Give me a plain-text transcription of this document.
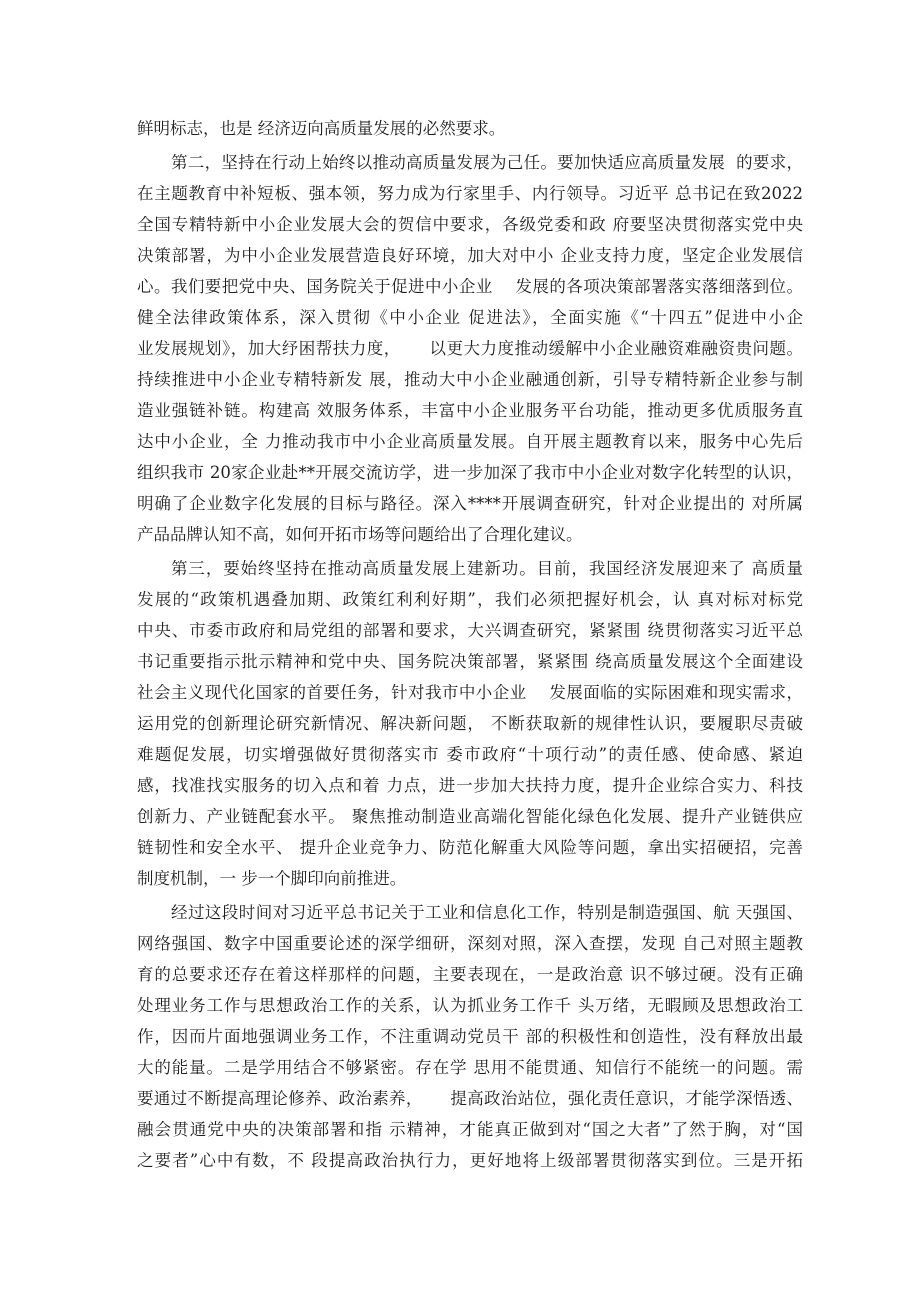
鲜明标志，也是 经济迈向高质量发展的必然要求。
第二，坚持在行动上始终以推动高质量发展为己任。要加快适应高质量发展  的要求，
在主题教育中补短板、强本领，努力成为行家里手、内行领导。习近平 总书记在致2022
全国专精特新中小企业发展大会的贺信中要求，各级党委和政 府要坚决贯彻落实党中央
决策部署，为中小企业发展营造良好环境，加大对中小 企业支持力度，坚定企业发展信
心。我们要把党中央、国务院关于促进中小企业    发展的各项决策部署落实落细落到位。
健全法律政策体系，深入贯彻《中小企业 促进法》，全面实施《“十四五”促进中小企
业发展规划》，加大纾困帮扶力度，     以更大力度推动缓解中小企业融资难融资贵问题。
持续推进中小企业专精特新发 展，推动大中小企业融通创新，引导专精特新企业参与制
造业强链补链。构建高 效服务体系，丰富中小企业服务平台功能，推动更多优质服务直
达中小企业，全 力推动我市中小企业高质量发展。自开展主题教育以来，服务中心先后
组织我市 20家企业赴**开展交流访学，进一步加深了我市中小企业对数字化转型的认识，
明确了企业数字化发展的目标与路径。深入****开展调查研究，针对企业提出的 对所属
产品品牌认知不高，如何开拓市场等问题给出了合理化建议。
第三，要始终坚持在推动高质量发展上建新功。目前，我国经济发展迎来了 高质量
发展的“政策机遇叠加期、政策红利利好期”，我们必须把握好机会，认 真对标对标党
中央、市委市政府和局党组的部署和要求，大兴调查研究，紧紧围 绕贯彻落实习近平总
书记重要指示批示精神和党中央、国务院决策部署，紧紧围 绕高质量发展这个全面建设
社会主义现代化国家的首要任务，针对我市中小企业    发展面临的实际困难和现实需求，
运用党的创新理论研究新情况、解决新问题， 不断获取新的规律性认识，要履职尽责破
难题促发展，切实增强做好贯彻落实市 委市政府“十项行动”的责任感、使命感、紧迫
感，找准找实服务的切入点和着 力点，进一步加大扶持力度，提升企业综合实力、科技
创新力、产业链配套水平。 聚焦推动制造业高端化智能化绿色化发展、提升产业链供应
链韧性和安全水平、 提升企业竞争力、防范化解重大风险等问题，拿出实招硬招，完善
制度机制，一 步一个脚印向前推进。
经过这段时间对习近平总书记关于工业和信息化工作，特别是制造强国、航 天强国、
网络强国、数字中国重要论述的深学细研，深刻对照，深入查摆，发现 自己对照主题教
育的总要求还存在着这样那样的问题，主要表现在，一是政治意 识不够过硬。没有正确
处理业务工作与思想政治工作的关系，认为抓业务工作千 头万绪，无暇顾及思想政治工
作，因而片面地强调业务工作，不注重调动党员干 部的积极性和创造性，没有释放出最
大的能量。二是学用结合不够紧密。存在学 思用不能贯通、知信行不能统一的问题。需
要通过不断提高理论修养、政治素养，     提高政治站位，强化责任意识，才能学深悟透、
融会贯通党中央的决策部署和指 示精神，才能真正做到对“国之大者”了然于胸，对“国
之要者”心中有数，不 段提高政治执行力，更好地将上级部署贯彻落实到位。三是开拓
